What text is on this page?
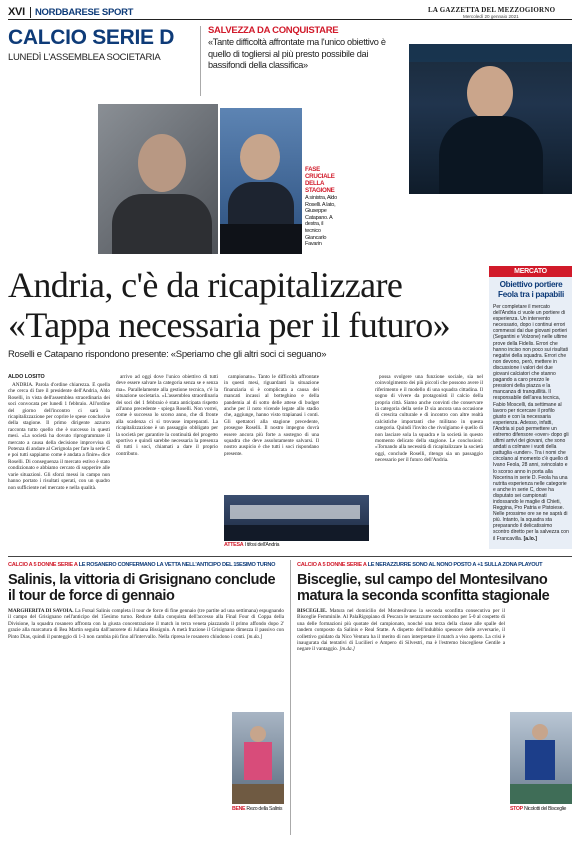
XVI NORDBARESE SPORT	LA GAZZETTA DEL MEZZOGIORNO
Mercoledì 20 gennaio 2021
CALCIO SERIE D
LUNEDÌ L'ASSEMBLEA SOCIETARIA
SALVEZZA DA CONQUISTARE
«Tante difficoltà affrontate ma l'unico obiettivo è quello di togliersi al più presto possibile dai bassifondi della classifica»
FASE CRUCIALE DELLA STAGIONE
A sinistra, Aldo Roselli. A lato, Giuseppe Catapano. A destra, il tecnico Giancarlo Favarin
Andria, c'è da ricapitalizzare
«Tappa necessaria per il futuro»
Roselli e Catapano rispondono presente: «Speriamo che gli altri soci ci seguano»
ALDO LOSITO

ANDRIA. Parola d'ordine chiarezza. È quella che cerca di fare il presidente dell'Andria, Aldo Roselli, in vista dell'assemblea straordinaria dei soci convocata per lunedì 1 febbraio. All'ordine del giorno dell'incontro ci sarà la ricapitalizzazione per coprire le spese conclusive della stagione. Il primo dirigente azzurro racconta tutto quello che è successo in questi mesi. «La società ha dovuto riprogrammare il mercato a causa della decisione improvvisa di Potenza di andare al Cerignola per fare la serie C e poi tutti sappiamo come è andata a finire» dice Roselli. Di conseguenza il mercato estivo è stato condizionato e abbiamo cercato di sopperire alle varie situazioni. Gli sforzi messi in campo non hanno portato i risultati sperati, con un quadro non sufficiente nel mercato e nella qualità.

arrivo ad oggi dove l'unico obiettivo di tutti deve essere salvare la categoria senza se e senza ma». Parallelamente alla gestione tecnica, c'è la situazione societaria. «L'assemblea straordinaria dei soci del 1 febbraio è stata anticipata rispetto all'anno precedente - spiega Roselli. Non vorrei, come è successo lo scorso anno, che di fronte alla scadenza ci si trovasse impreparati. La ricapitalizzazione è un passaggio obbligato per la società per garantire la continuità del progetto sportivo e quindi sarebbe necessaria la presenza di tutti i soci, chiamati a dare il proprio contributo.

campionato». Tanto le difficoltà affrontate in questi mesi, riguardanti la situazione finanziaria si è complicata a causa dei mancati incassi al botteghino e della pandemia al di sotto delle attese di budget anche per il noto vicende legate allo stadio che, aggiunge, hanno visto trapianasi i conti. Gli spettatori alla stagione precedente, prosegue Roselli. Il nostro impegno dovrà essere ancora più forte a sostegno di una squadra che deve assolutamente salvarsi. Il nostro auspicio è che tutti i soci rispondano presente.

possa svolgere una funzione sociale, sia nel coinvolgimento dei più piccoli che possono avere il riferimento e il modello di una squadra cittadina. Il sogno di vivere da protagonisti il calcio della propria città. Siamo anche convinti che conservare la categoria della serie D sia ancora una occasione di crescita culturale e di incontro con altre realtà calcistiche importanti che militano in questa categoria. Quindi l'invito che rivolgiamo è quello di non lasciare sola la squadra e la società in questo momento delicato della stagione. Le conclusioni: «Tornando alla necessità di ricapitalizzare la società oggi, conclude Roselli, ritengo sia un passaggio necessario per il futuro dell'Andria.

ATTESA I tifosi dell'Andria
MERCATO
Obiettivo portiere Feola tra i papabili
Per completare il mercato dell'Andria ci vuole un portiere di esperienza. Un intervento necessario, dopo i continui errori commessi dai due giovani portieri (Segantini e Volzone) nelle ultime prove della Fidelis. Errori che hanno inciso non poco sui risultati negativi della squadra. Errori che non devono, però, mettere in discussione i valori dei due giovani calciatori che stanno pagando a caro prezzo le pressioni della piazza e la mancanza di tranquillità. Il responsabile dell'area tecnica, Fabio Moscelli, da settimane al lavoro per ricercare il profilo giusto e con la necessaria esperienza. Adesso, infatti, l'Andria si può permettere un estremo difensore «over» dopo gli ultimi arrivi dei giovani, che sono andati a colmare i vuoti della pattuglia «under». Tra i nomi che circolano al momento c'è quello di Ivano Feola, 28 anni, svincolato e lo scorso anno in porta alla Nocerina in serie D. Feola ha una nutrita esperienza nelle categorie e anche in serie C, dove ha disputato sei campionati indossando le maglie di Chieti, Reggina, Pro Patria e Pistoiese. Nelle prossime ore se ne saprà di più. Intanto, la squadra sta preparando il delicatissimo scontro diretto per la salvezza con il Francavilla. [a.lo.]
CALCIO A 5 DONNE SERIE A LE ROSANERO CONFERMANO LA VETTA NELL'ANTICIPO DEL 15ESIMO TURNO
Salinis, la vittoria di Grisignano conclude il tour de force di gennaio

MARGHERITA DI SAVOIA. La Futsal Salinis completa il tour de force di fine gennaio (tre partite ad una settimana) espugnando il campo del Grisignano nell'anticipo del 15esimo turno. Reduce dalla conquista dell'accesso alla Final Four di Coppa della Divisione, la squadra rosanero affronta con la giusta concentrazione il match in terra veneta piazzando il primo affondo dopo 2' grazie alla marcatura di Bea Martin seguita dall'autorete di Juliana Bissignin. A metà frazione il Grisignano dimezza il passivo con Pinto Dias, quindi il punteggio di 1-3 non cambia più fino all'intervallo. Nella ripresa le rosanero chiudono i conti. [m.da.]

BENE Rezo della Salinis
CALCIO A 5 DONNE SERIE A LE NERAZZURRE SONO AL NONO POSTO A +1 SULLA ZONA PLAYOUT
Bisceglie, sul campo del Montesilvano matura la seconda sconfitta stagionale

BISCEGLIE. Matura nel domicilio del Montesilvano la seconda sconfitta consecutiva per il Bisceglie Femminile. Al PalaRigopiano di Pescara le nerazzurre soccombono per 5-0 al cospetto di una delle formazioni più quotate del campionato, nonché una terza della classe alle spalle del tandem composto da Salinis e Real Statte. A dispetto dell'indubbio spessore delle avversarie, il collettivo guidato da Nico Ventura ha il merito di non interpretare il match a viso aperto. La crisi è inaugurata dai tentativi di Lucilieri e Ampero di Silvestri, ma è l'estremo biscegliese Gentile a negare il vantaggio. [m.da.]

STOP Nicolotti del Bisceglie
